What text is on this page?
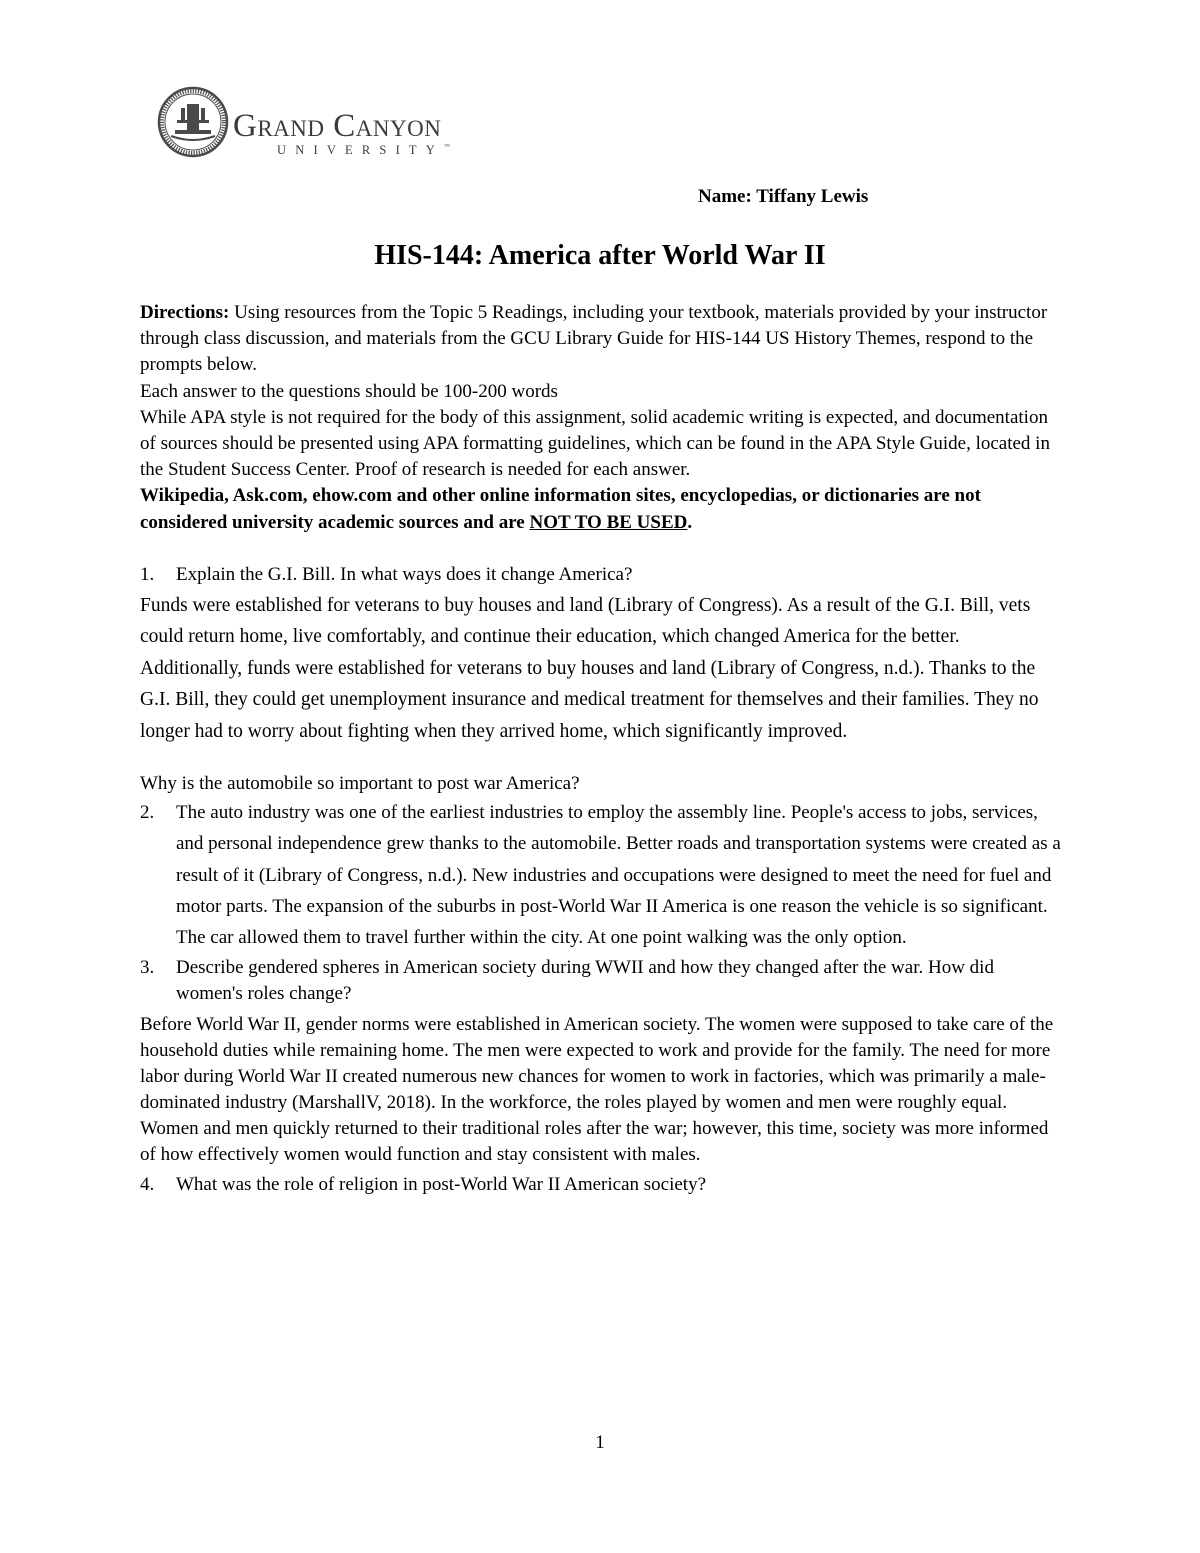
Grand Canyon
UNIVERSITY™
Name: Tiffany Lewis
HIS-144: America after World War II

Directions: Using resources from the Topic 5 Readings, including your textbook, materials provided by your instructor through class discussion, and materials from the GCU Library Guide for HIS-144 US History Themes, respond to the prompts below.

Each answer to the questions should be 100-200 words

While APA style is not required for the body of this assignment, solid academic writing is expected, and documentation of sources should be presented using APA formatting guidelines, which can be found in the APA Style Guide, located in the Student Success Center. Proof of research is needed for each answer.

Wikipedia, Ask.com, ehow.com and other online information sites, encyclopedias, or dictionaries are not considered university academic sources and are NOT TO BE USED.

1. Explain the G.I. Bill. In what ways does it change America?

Funds were established for veterans to buy houses and land (Library of Congress). As a result of the G.I. Bill, vets could return home, live comfortably, and continue their education, which changed America for the better. Additionally, funds were established for veterans to buy houses and land (Library of Congress, n.d.). Thanks to the G.I. Bill, they could get unemployment insurance and medical treatment for themselves and their families. They no longer had to worry about fighting when they arrived home, which significantly improved.

Why is the automobile so important to post war America?

2. The auto industry was one of the earliest industries to employ the assembly line. People's access to jobs, services, and personal independence grew thanks to the automobile. Better roads and transportation systems were created as a result of it (Library of Congress, n.d.). New industries and occupations were designed to meet the need for fuel and motor parts. The expansion of the suburbs in post-World War II America is one reason the vehicle is so significant. The car allowed them to travel further within the city. At one point walking was the only option.
3. Describe gendered spheres in American society during WWII and how they changed after the war. How did women's roles change?

Before World War II, gender norms were established in American society. The women were supposed to take care of the household duties while remaining home. The men were expected to work and provide for the family. The need for more labor during World War II created numerous new chances for women to work in factories, which was primarily a male-dominated industry (MarshallV, 2018). In the workforce, the roles played by women and men were roughly equal. Women and men quickly returned to their traditional roles after the war; however, this time, society was more informed of how effectively women would function and stay consistent with males.

4. What was the role of religion in post-World War II American society?
1
